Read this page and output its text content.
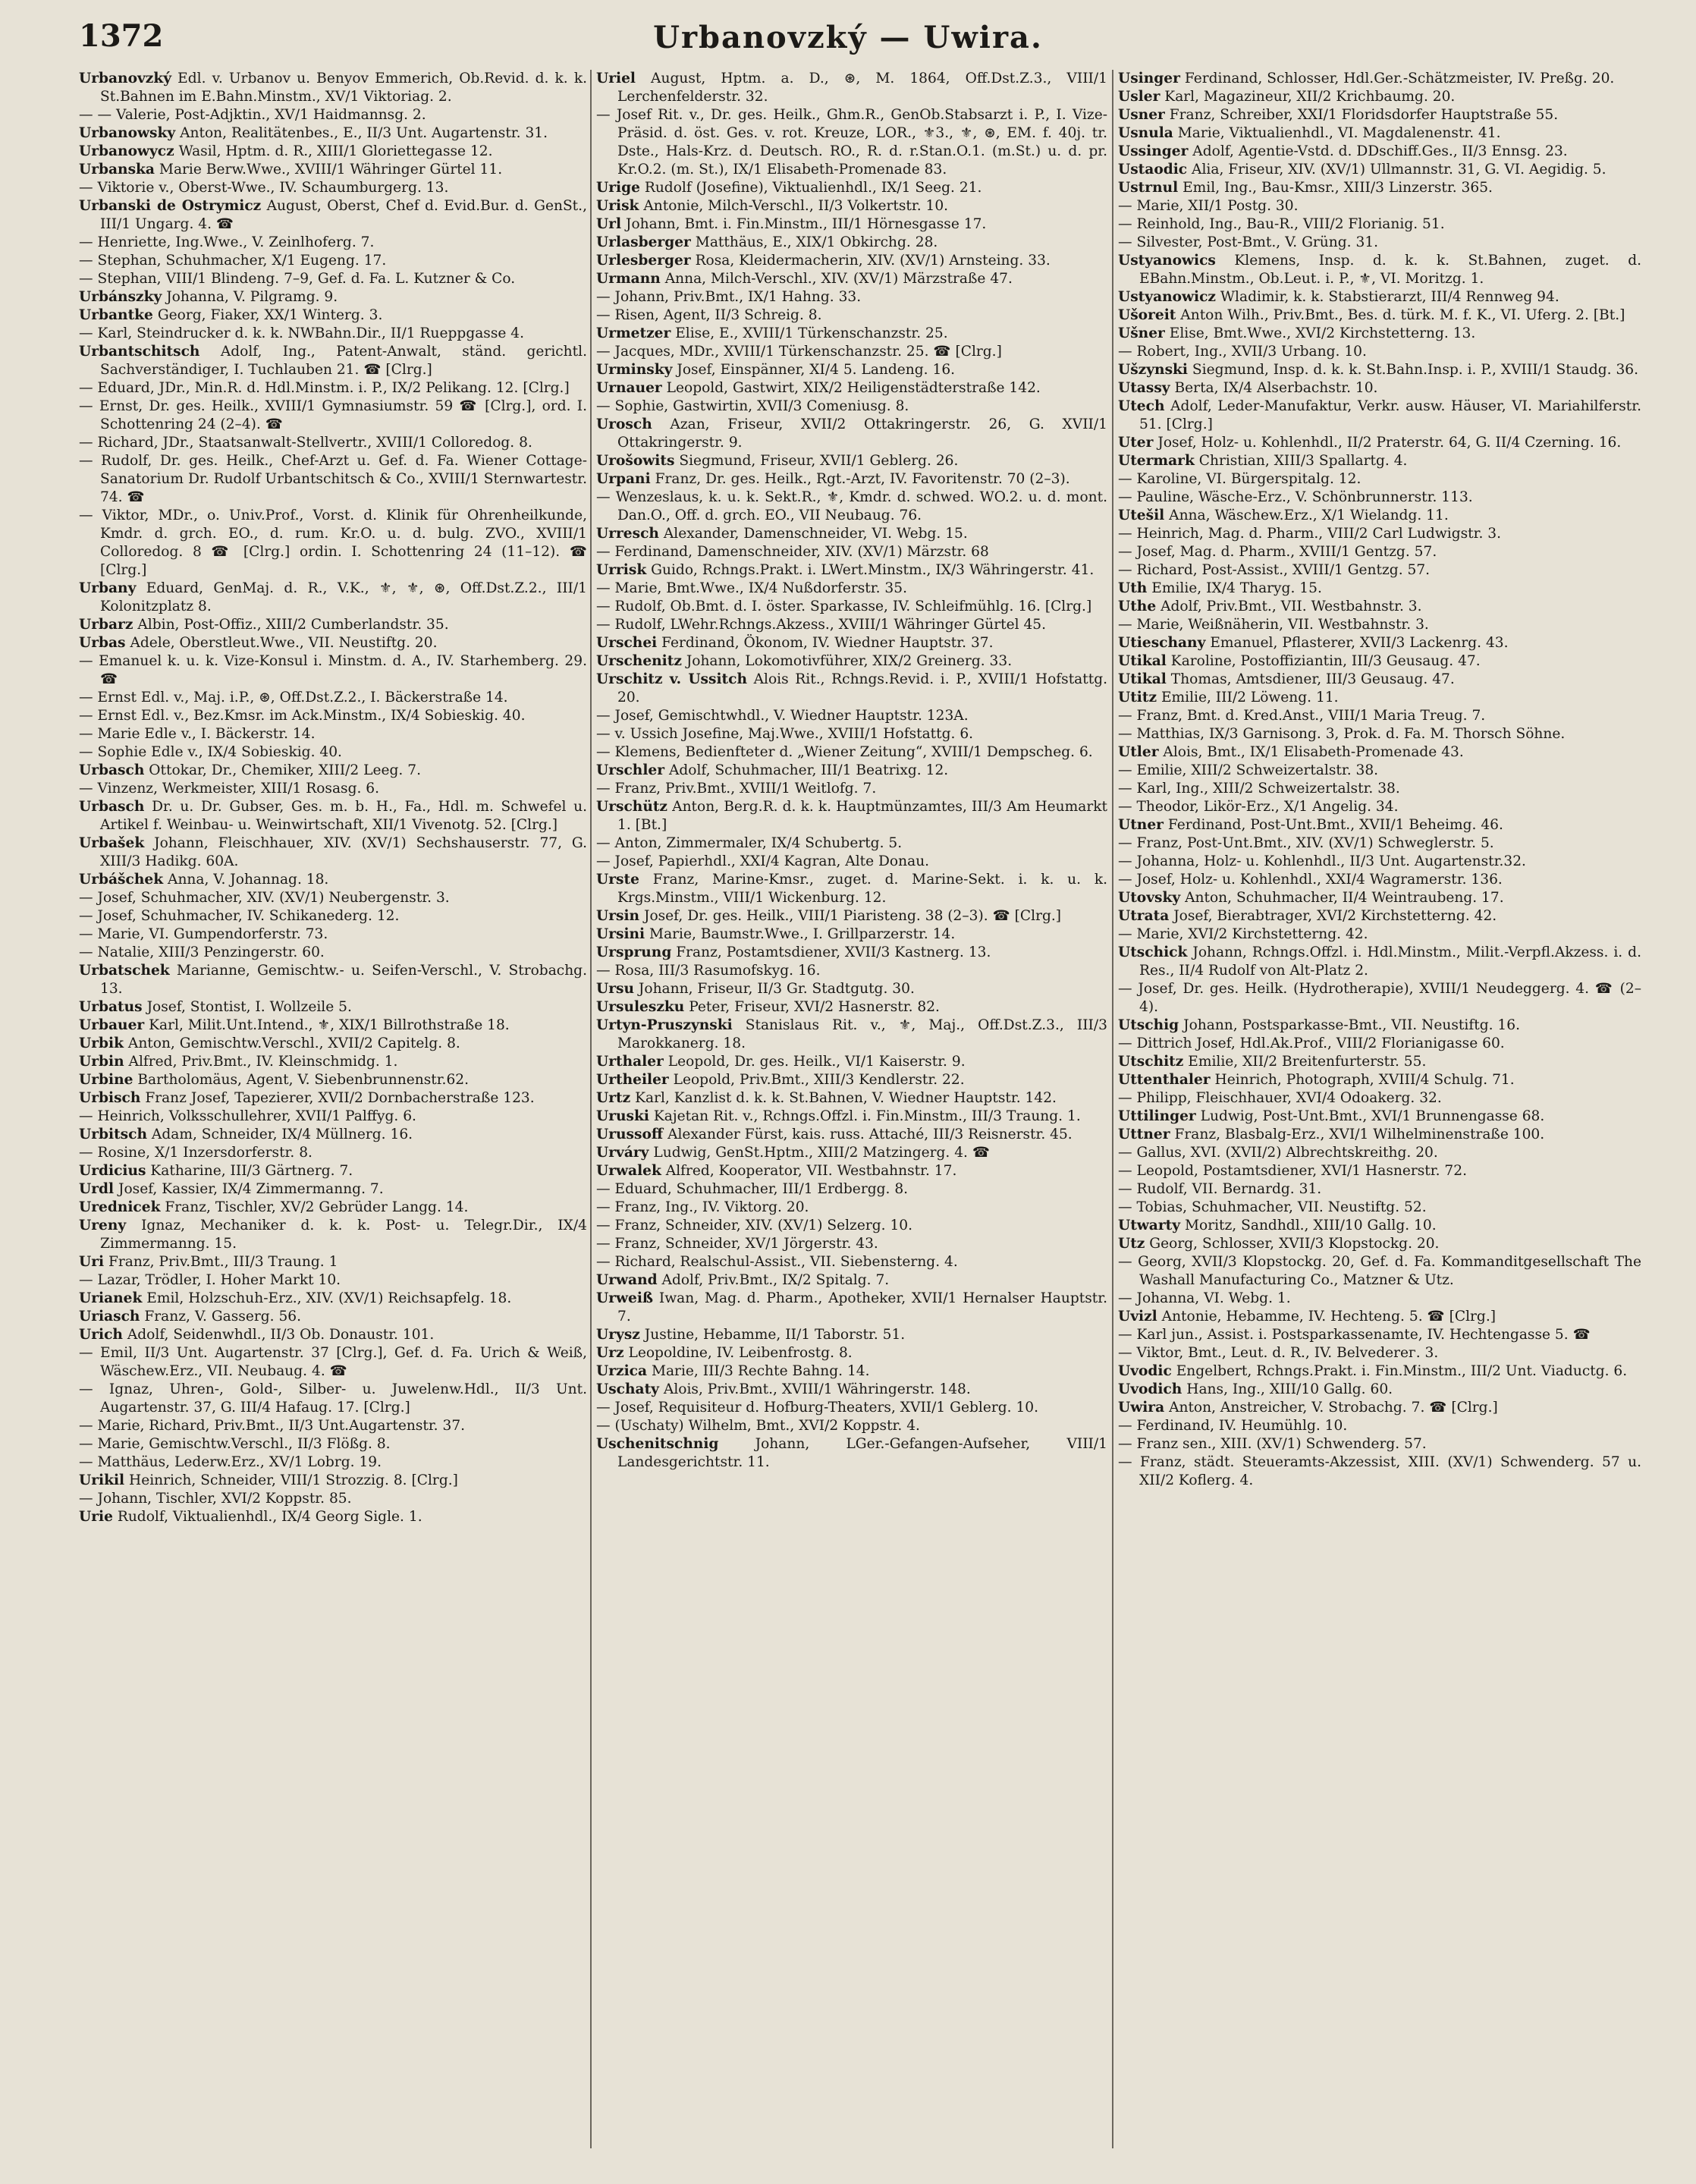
1372	Urbanovzký — Uwira.

Urbanovzký Edl. v. Urbanov u. Benyov Emmerich, Ob.Revid. d. k. k. St.Bahnen im E.Bahn.Minstm., XV/1 Viktoriag. 2.

— — Valerie, Post-Adjktin., XV/1 Haidmannsg. 2.

Urbanowsky Anton, Realitätenbes., E., II/3 Unt. Augartenstr. 31.

Urbanowycz Wasil, Hptm. d. R., XIII/1 Gloriettegasse 12.

Urbanska Marie Berw.Wwe., XVIII/1 Währinger Gürtel 11.

— Viktorie v., Oberst-Wwe., IV. Schaumburgerg. 13.

Urbanski de Ostrymicz August, Oberst, Chef d. Evid.Bur. d. GenSt., III/1 Ungarg. 4. ☎

— Henriette, Ing.Wwe., V. Zeinlhoferg. 7.

— Stephan, Schuhmacher, X/1 Eugeng. 17.

— Stephan, VIII/1 Blindeng. 7–9, Gef. d. Fa. L. Kutzner & Co.

Urbánszky Johanna, V. Pilgramg. 9.

Urbantke Georg, Fiaker, XX/1 Winterg. 3.

— Karl, Steindrucker d. k. k. NWBahn.Dir., II/1 Rueppgasse 4.

Urbantschitsch Adolf, Ing., Patent-Anwalt, ständ. gerichtl. Sachverständiger, I. Tuchlauben 21. ☎ [Clrg.]

— Eduard, JDr., Min.R. d. Hdl.Minstm. i. P., IX/2 Pelikang. 12. [Clrg.]

— Ernst, Dr. ges. Heilk., XVIII/1 Gymnasiumstr. 59 ☎ [Clrg.], ord. I. Schottenring 24 (2–4). ☎

— Richard, JDr., Staatsanwalt-Stellvertr., XVIII/1 Colloredog. 8.

— Rudolf, Dr. ges. Heilk., Chef-Arzt u. Gef. d. Fa. Wiener Cottage-Sanatorium Dr. Rudolf Urbantschitsch & Co., XVIII/1 Sternwartestr. 74. ☎

— Viktor, MDr., o. Univ.Prof., Vorst. d. Klinik für Ohrenheilkunde, Kmdr. d. grch. EO., d. rum. Kr.O. u. d. bulg. ZVO., XVIII/1 Colloredog. 8 ☎ [Clrg.] ordin. I. Schottenring 24 (11–12). ☎ [Clrg.]

Urbany Eduard, GenMaj. d. R., V.K., ⚜, ⚜, ⊛, Off.Dst.Z.2., III/1 Kolonitzplatz 8.

Urbarz Albin, Post-Offiz., XIII/2 Cumberlandstr. 35.

Urbas Adele, Oberstleut.Wwe., VII. Neustiftg. 20.

— Emanuel k. u. k. Vize-Konsul i. Minstm. d. A., IV. Starhemberg. 29. ☎

— Ernst Edl. v., Maj. i.P., ⊛, Off.Dst.Z.2., I. Bäckerstraße 14.

— Ernst Edl. v., Bez.Kmsr. im Ack.Minstm., IX/4 Sobieskig. 40.

— Marie Edle v., I. Bäckerstr. 14.

— Sophie Edle v., IX/4 Sobieskig. 40.

Urbasch Ottokar, Dr., Chemiker, XIII/2 Leeg. 7.

— Vinzenz, Werkmeister, XIII/1 Rosasg. 6.

Urbasch Dr. u. Dr. Gubser, Ges. m. b. H., Fa., Hdl. m. Schwefel u. Artikel f. Weinbau- u. Weinwirtschaft, XII/1 Vivenotg. 52. [Clrg.]

Urbašek Johann, Fleischhauer, XIV. (XV/1) Sechshauserstr. 77, G. XIII/3 Hadikg. 60A.

Urbášchek Anna, V. Johannag. 18.

— Josef, Schuhmacher, XIV. (XV/1) Neubergenstr. 3.

— Josef, Schuhmacher, IV. Schikanederg. 12.

— Marie, VI. Gumpendorferstr. 73.

— Natalie, XIII/3 Penzingerstr. 60.

Urbatschek Marianne, Gemischtw.- u. Seifen-Verschl., V. Strobachg. 13.

Urbatus Josef, Stontist, I. Wollzeile 5.

Urbauer Karl, Milit.Unt.Intend., ⚜, XIX/1 Billrothstraße 18.

Urbik Anton, Gemischtw.Verschl., XVII/2 Capitelg. 8.

Urbin Alfred, Priv.Bmt., IV. Kleinschmidg. 1.

Urbine Bartholomäus, Agent, V. Siebenbrunnenstr.62.

Urbisch Franz Josef, Tapezierer, XVII/2 Dornbacherstraße 123.

— Heinrich, Volksschullehrer, XVII/1 Palffyg. 6.

Urbitsch Adam, Schneider, IX/4 Müllnerg. 16.

— Rosine, X/1 Inzersdorferstr. 8.

Urdicius Katharine, III/3 Gärtnerg. 7.

Urdl Josef, Kassier, IX/4 Zimmermanng. 7.

Urednicek Franz, Tischler, XV/2 Gebrüder Langg. 14.

Ureny Ignaz, Mechaniker d. k. k. Post- u. Telegr.Dir., IX/4 Zimmermanng. 15.

Uri Franz, Priv.Bmt., III/3 Traung. 1

— Lazar, Trödler, I. Hoher Markt 10.

Urianek Emil, Holzschuh-Erz., XIV. (XV/1) Reichsapfelg. 18.

Uriasch Franz, V. Gasserg. 56.

Urich Adolf, Seidenwhdl., II/3 Ob. Donaustr. 101.

— Emil, II/3 Unt. Augartenstr. 37 [Clrg.], Gef. d. Fa. Urich & Weiß, Wäschew.Erz., VII. Neubaug. 4. ☎

— Ignaz, Uhren-, Gold-, Silber- u. Juwelenw.Hdl., II/3 Unt. Augartenstr. 37, G. III/4 Hafaug. 17. [Clrg.]

— Marie, Richard, Priv.Bmt., II/3 Unt.Augartenstr. 37.

— Marie, Gemischtw.Verschl., II/3 Flößg. 8.

— Matthäus, Lederw.Erz., XV/1 Lobrg. 19.

Urikil Heinrich, Schneider, VIII/1 Strozzig. 8. [Clrg.]

— Johann, Tischler, XVI/2 Koppstr. 85.

Urie Rudolf, Viktualienhdl., IX/4 Georg Sigle. 1.

Uriel August, Hptm. a. D., ⊛, M. 1864, Off.Dst.Z.3., VIII/1 Lerchenfelderstr. 32.

— Josef Rit. v., Dr. ges. Heilk., Ghm.R., GenOb.Stabsarzt i. P., I. Vize-Präsid. d. öst. Ges. v. rot. Kreuze, LOR., ⚜3., ⚜, ⊛, EM. f. 40j. tr. Dste., Hals-Krz. d. Deutsch. RO., R. d. r.Stan.O.1. (m.St.) u. d. pr. Kr.O.2. (m. St.), IX/1 Elisabeth-Promenade 83.

Urige Rudolf (Josefine), Viktualienhdl., IX/1 Seeg. 21.

Urisk Antonie, Milch-Verschl., II/3 Volkertstr. 10.

Url Johann, Bmt. i. Fin.Minstm., III/1 Hörnesgasse 17.

Urlasberger Matthäus, E., XIX/1 Obkirchg. 28.

Urlesberger Rosa, Kleidermacherin, XIV. (XV/1) Arnsteing. 33.

Urmann Anna, Milch-Verschl., XIV. (XV/1) Märzstraße 47.

— Johann, Priv.Bmt., IX/1 Hahng. 33.

— Risen, Agent, II/3 Schreig. 8.

Urmetzer Elise, E., XVIII/1 Türkenschanzstr. 25.

— Jacques, MDr., XVIII/1 Türkenschanzstr. 25. ☎ [Clrg.]

Urminsky Josef, Einspänner, XI/4 5. Landeng. 16.

Urnauer Leopold, Gastwirt, XIX/2 Heiligenstädterstraße 142.

— Sophie, Gastwirtin, XVII/3 Comeniusg. 8.

Urosch Azan, Friseur, XVII/2 Ottakringerstr. 26, G. XVII/1 Ottakringerstr. 9.

Urošowits Siegmund, Friseur, XVII/1 Geblerg. 26.

Urpani Franz, Dr. ges. Heilk., Rgt.-Arzt, IV. Favoritenstr. 70 (2–3).

— Wenzeslaus, k. u. k. Sekt.R., ⚜, Kmdr. d. schwed. WO.2. u. d. mont. Dan.O., Off. d. grch. EO., VII Neubaug. 76.

Urresch Alexander, Damenschneider, VI. Webg. 15.

— Ferdinand, Damenschneider, XIV. (XV/1) Märzstr. 68

Urrisk Guido, Rchngs.Prakt. i. LWert.Minstm., IX/3 Währingerstr. 41.

— Marie, Bmt.Wwe., IX/4 Nußdorferstr. 35.

— Rudolf, Ob.Bmt. d. I. öster. Sparkasse, IV. Schleifmühlg. 16. [Clrg.]

— Rudolf, LWehr.Rchngs.Akzess., XVIII/1 Währinger Gürtel 45.

Urschei Ferdinand, Ökonom, IV. Wiedner Hauptstr. 37.

Urschenitz Johann, Lokomotivführer, XIX/2 Greinerg. 33.

Urschitz v. Ussitch Alois Rit., Rchngs.Revid. i. P., XVIII/1 Hofstattg. 20.

— Josef, Gemischtwhdl., V. Wiedner Hauptstr. 123A.

— v. Ussich Josefine, Maj.Wwe., XVIII/1 Hofstattg. 6.

— Klemens, Bedienfteter d. „Wiener Zeitung“, XVIII/1 Dempscheg. 6.

Urschler Adolf, Schuhmacher, III/1 Beatrixg. 12.

— Franz, Priv.Bmt., XVIII/1 Weitlofg. 7.

Urschütz Anton, Berg.R. d. k. k. Hauptmünzamtes, III/3 Am Heumarkt 1. [Bt.]

— Anton, Zimmermaler, IX/4 Schubertg. 5.

— Josef, Papierhdl., XXI/4 Kagran, Alte Donau.

Urste Franz, Marine-Kmsr., zuget. d. Marine-Sekt. i. k. u. k. Krgs.Minstm., VIII/1 Wickenburg. 12.

Ursin Josef, Dr. ges. Heilk., VIII/1 Piaristeng. 38 (2–3). ☎ [Clrg.]

Ursini Marie, Baumstr.Wwe., I. Grillparzerstr. 14.

Ursprung Franz, Postamtsdiener, XVII/3 Kastnerg. 13.

— Rosa, III/3 Rasumofskyg. 16.

Ursu Johann, Friseur, II/3 Gr. Stadtgutg. 30.

Ursuleszku Peter, Friseur, XVI/2 Hasnerstr. 82.

Urtyn-Pruszynski Stanislaus Rit. v., ⚜, Maj., Off.Dst.Z.3., III/3 Marokkanerg. 18.

Urthaler Leopold, Dr. ges. Heilk., VI/1 Kaiserstr. 9.

Urtheiler Leopold, Priv.Bmt., XIII/3 Kendlerstr. 22.

Urtz Karl, Kanzlist d. k. k. St.Bahnen, V. Wiedner Hauptstr. 142.

Uruski Kajetan Rit. v., Rchngs.Offzl. i. Fin.Minstm., III/3 Traung. 1.

Urussoff Alexander Fürst, kais. russ. Attaché, III/3 Reisnerstr. 45.

Urváry Ludwig, GenSt.Hptm., XIII/2 Matzingerg. 4. ☎

Urwalek Alfred, Kooperator, VII. Westbahnstr. 17.

— Eduard, Schuhmacher, III/1 Erdbergg. 8.

— Franz, Ing., IV. Viktorg. 20.

— Franz, Schneider, XIV. (XV/1) Selzerg. 10.

— Franz, Schneider, XV/1 Jörgerstr. 43.

— Richard, Realschul-Assist., VII. Siebensterng. 4.

Urwand Adolf, Priv.Bmt., IX/2 Spitalg. 7.

Urweiß Iwan, Mag. d. Pharm., Apotheker, XVII/1 Hernalser Hauptstr. 7.

Urysz Justine, Hebamme, II/1 Taborstr. 51.

Urz Leopoldine, IV. Leibenfrostg. 8.

Urzica Marie, III/3 Rechte Bahng. 14.

Uschaty Alois, Priv.Bmt., XVIII/1 Währingerstr. 148.

— Josef, Requisiteur d. Hofburg-Theaters, XVII/1 Geblerg. 10.

— (Uschaty) Wilhelm, Bmt., XVI/2 Koppstr. 4.

Uschenitschnig	Johann, LGer.-Gefangen-Aufseher, VIII/1 Landesgerichtstr. 11.

Usinger Ferdinand, Schlosser, Hdl.Ger.-Schätzmeister, IV. Preßg. 20.

Usler Karl, Magazineur, XII/2 Krichbaumg. 20.

Usner Franz, Schreiber, XXI/1 Floridsdorfer Hauptstraße 55.

Usnula Marie, Viktualienhdl., VI. Magdalenenstr. 41.

Ussinger Adolf, Agentie-Vstd. d. DDschiff.Ges., II/3 Ennsg. 23.

Ustaodic Alia, Friseur, XIV. (XV/1) Ullmannstr. 31, G. VI. Aegidig. 5.

Ustrnul Emil, Ing., Bau-Kmsr., XIII/3 Linzerstr. 365.

— Marie, XII/1 Postg. 30.

— Reinhold, Ing., Bau-R., VIII/2 Florianig. 51.

— Silvester, Post-Bmt., V. Grüng. 31.

Ustyanowics Klemens, Insp. d. k. k. St.Bahnen, zuget. d. EBahn.Minstm., Ob.Leut. i. P., ⚜, VI. Moritzg. 1.

Ustyanowicz Wladimir, k. k. Stabstierarzt, III/4 Rennweg 94.

Ušoreit Anton Wilh., Priv.Bmt., Bes. d. türk. M. f. K., VI. Uferg. 2. [Bt.]

Ušner Elise, Bmt.Wwe., XVI/2 Kirchstetterng. 13.

— Robert, Ing., XVII/3 Urbang. 10.

Ušzynski Siegmund, Insp. d. k. k. St.Bahn.Insp. i. P., XVIII/1 Staudg. 36.

Utassy Berta, IX/4 Alserbachstr. 10.

Utech Adolf, Leder-Manufaktur, Verkr. ausw. Häuser, VI. Mariahilferstr. 51. [Clrg.]

Uter Josef, Holz- u. Kohlenhdl., II/2 Praterstr. 64, G. II/4 Czerning. 16.

Utermark Christian, XIII/3 Spallartg. 4.

— Karoline, VI. Bürgerspitalg. 12.

— Pauline, Wäsche-Erz., V. Schönbrunnerstr. 113.

Utešil Anna, Wäschew.Erz., X/1 Wielandg. 11.

— Heinrich, Mag. d. Pharm., VIII/2 Carl Ludwigstr. 3.

— Josef, Mag. d. Pharm., XVIII/1 Gentzg. 57.

— Richard, Post-Assist., XVIII/1 Gentzg. 57.

Uth Emilie, IX/4 Tharyg. 15.

Uthe Adolf, Priv.Bmt., VII. Westbahnstr. 3.

— Marie, Weißnäherin, VII. Westbahnstr. 3.

Utieschany Emanuel, Pflasterer, XVII/3 Lackenrg. 43.

Utikal Karoline, Postoffiziantin, III/3 Geusaug. 47.

Utikal Thomas, Amtsdiener, III/3 Geusaug. 47.

Utitz Emilie, III/2 Löweng. 11.

— Franz, Bmt. d. Kred.Anst., VIII/1 Maria Treug. 7.

— Matthias, IX/3 Garnisong. 3, Prok. d. Fa. M. Thorsch Söhne.

Utler Alois, Bmt., IX/1 Elisabeth-Promenade 43.

— Emilie, XIII/2 Schweizertalstr. 38.

— Karl, Ing., XIII/2 Schweizertalstr. 38.

— Theodor, Likör-Erz., X/1 Angelig. 34.

Utner Ferdinand, Post-Unt.Bmt., XVII/1 Beheimg. 46.

— Franz, Post-Unt.Bmt., XIV. (XV/1) Schweglerstr. 5.

— Johanna, Holz- u. Kohlenhdl., II/3 Unt. Augartenstr.32.

— Josef, Holz- u. Kohlenhdl., XXI/4 Wagramerstr. 136.

Utovsky Anton, Schuhmacher, II/4 Weintraubeng. 17.

Utrata Josef, Bierabtrager, XVI/2 Kirchstetterng. 42.

— Marie, XVI/2 Kirchstetterng. 42.

Utschick Johann, Rchngs.Offzl. i. Hdl.Minstm., Milit.-Verpfl.Akzess. i. d. Res., II/4 Rudolf von Alt-Platz 2.

— Josef, Dr. ges. Heilk. (Hydrotherapie), XVIII/1 Neudeggerg. 4. ☎ (2–4).

Utschig Johann, Postsparkasse-Bmt., VII. Neustiftg. 16.

— Dittrich Josef, Hdl.Ak.Prof., VIII/2 Florianigasse 60.

Utschitz Emilie, XII/2 Breitenfurterstr. 55.

Uttenthaler Heinrich, Photograph, XVIII/4 Schulg. 71.

— Philipp, Fleischhauer, XVI/4 Odoakerg. 32.

Uttilinger Ludwig, Post-Unt.Bmt., XVI/1 Brunnengasse 68.

Uttner Franz, Blasbalg-Erz., XVI/1 Wilhelminenstraße 100.

— Gallus, XVI. (XVII/2) Albrechtskreithg. 20.

— Leopold, Postamtsdiener, XVI/1 Hasnerstr. 72.

— Rudolf, VII. Bernardg. 31.

— Tobias, Schuhmacher, VII. Neustiftg. 52.

Utwarty Moritz, Sandhdl., XIII/10 Gallg. 10.

Utz Georg, Schlosser, XVII/3 Klopstockg. 20.

— Georg, XVII/3 Klopstockg. 20, Gef. d. Fa. Kommanditgesellschaft The Washall Manufacturing Co., Matzner & Utz.

— Johanna, VI. Webg. 1.

Uvizl Antonie, Hebamme, IV. Hechteng. 5. ☎ [Clrg.]

— Karl jun., Assist. i. Postsparkassenamte, IV. Hechtengasse 5. ☎

— Viktor, Bmt., Leut. d. R., IV. Belvederег. 3.

Uvodic Engelbert, Rchngs.Prakt. i. Fin.Minstm., III/2 Unt. Viaductg. 6.

Uvodich Hans, Ing., XIII/10 Gallg. 60.

Uwira Anton, Anstreicher, V. Strobachg. 7. ☎ [Clrg.]

— Ferdinand, IV. Heumühlg. 10.

— Franz sen., XIII. (XV/1) Schwenderg. 57.

— Franz, städt. Steueramts-Akzessist, XIII. (XV/1) Schwenderg. 57 u. XII/2 Koflerg. 4.
